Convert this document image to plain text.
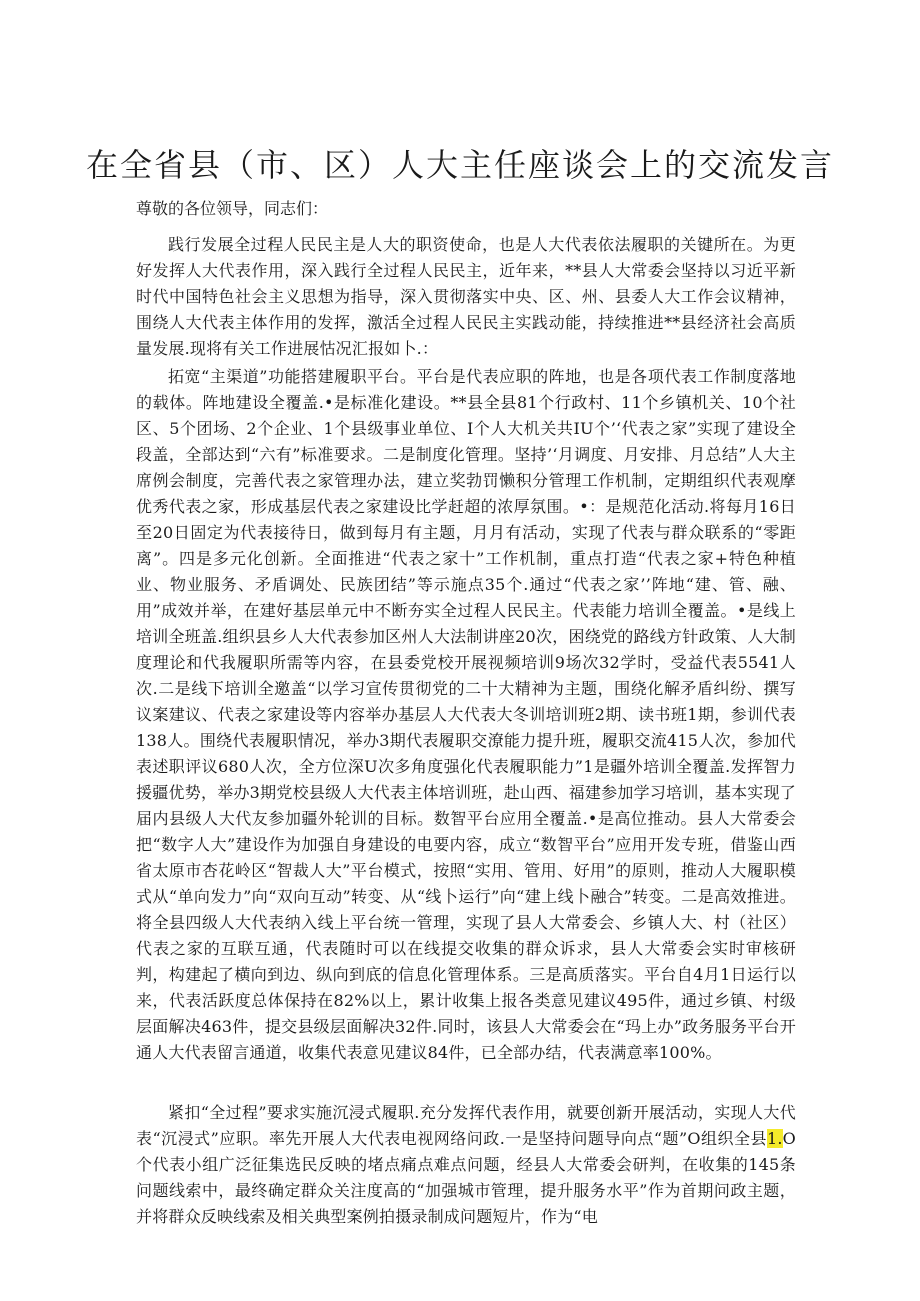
在全省县（市、区）人大主任座谈会上的交流发言

尊敬的各位领导，同志们：

践行发展全过程人民民主是人大的职资使命，也是人大代表依法履职的关键所在。为更好发挥人大代表作用，深入践行全过程人民民主，近年来，**县人大常委会坚持以习近平新时代中国特色社会主义思想为指导，深入贯彻落实中央、区、州、县委人大工作会议精神，围绕人大代表主体作用的发挥，激活全过程人民民主实践动能，持续推进**县经济社会高质量发展.现将有关工作进展怙况汇报如卜.：

拓宽“主渠道”功能搭建履职平台。平台是代表应职的阵地，也是各项代表工作制度落地的载体。阵地建设全覆盖.•是标准化建设。**县全县81个行政村、11个乡镇机关、10个社区、5个团场、2个企业、1个县级事业单位、I个人大机关共IU个’‘代表之家”实现了建设全段盖，全部达到“六有”标准要求。二是制度化管理。坚持’‘月调度、月安排、月总结”人大主席例会制度，完善代表之家管理办法，建立奖勃罚懒积分管理工作机制，定期组织代表观摩优秀代表之家，形成基层代表之家建设比学赶超的浓厚氛围。•：是规范化活动.将每月16日至20日固定为代表接待日，做到每月有主题，月月有活动，实现了代表与群众联系的“零距离”。四是多元化创新。全面推进“代表之家十”工作机制，重点打造“代表之家+特色种植业、物业服务、矛盾调处、民族团结”等示施点35个.通过“代表之家’’阵地“建、管、融、用”成效并举，在建好基层单元中不断夯实全过程人民民主。代表能力培训全覆盖。•是线上培训全班盖.组织县乡人大代表参加区州人大法制讲座20次，困绕党的路线方针政策、人大制度理论和代我履职所需等内容，在县委党校开展视频培训9场次32学时，受益代表5541人次.二是线下培训全邀盖“以学习宣传贯彻党的二十大精神为主题，围绕化解矛盾纠纷、撰写议案建议、代表之家建设等内容举办基层人大代表大冬训培训班2期、读书班1期，参训代表138人。围绕代表履职情况，举办3期代表履职交潦能力提升班，履职交流415人次，参加代表述职评议680人次，全方位深U次多角度强化代表履职能力”1是疆外培训全覆盖.发挥智力援疆优势，举办3期党校县级人大代表主体培训班，赴山西、福建参加学习培训，基本实现了届内县级人大代友参加疆外轮训的目标。数智平台应用全覆盖.•是高位推动。县人大常委会把“数字人大”建设作为加强自身建设的电要内容，成立“数智平台”应用开发专班，借鉴山西省太原市杏花岭区“智裁人大”平台模式，按照“实用、管用、好用”的原则，推动人大履职模式从“单向发力”向“双向互动”转变、从“线卜运行”向“建上线卜融合”转变。二是高效推进。将全县四级人大代表纳入线上平台统一管理，实现了县人大常委会、乡镇人大、村（社区）代表之家的互联互通，代表随时可以在线提交收集的群众诉求，县人大常委会实时审核研判，构建起了横向到边、纵向到底的信息化管理体系。三是高质落实。平台自4月1日运行以来，代表活跃度总体保持在82%以上，累计收集上报各类意见建议495件，通过乡镇、村级层面解决463件，提交县级层面解决32件.同时，该县人大常委会在“玛上办”政务服务平台开通人大代表留言通道，收集代表意见建议84件，已全部办结，代表满意率100%。

紧扣“全过程”要求实施沉浸式履职.充分发挥代表作用，就要创新开展活动，实现人大代表“沉浸式”应职。率先开展人大代表电视网络问政.一是坚持问题导向点“题”O组织全县1.O个代表小组广泛征集选民反映的堵点痛点难点问题，经县人大常委会研判，在收集的145条问题线索中，最终确定群众关注度高的“加强城市管理，提升服务水平”作为首期问政主题，并将群众反映线索及相关典型案例拍摄录制成问题短片，作为“电
